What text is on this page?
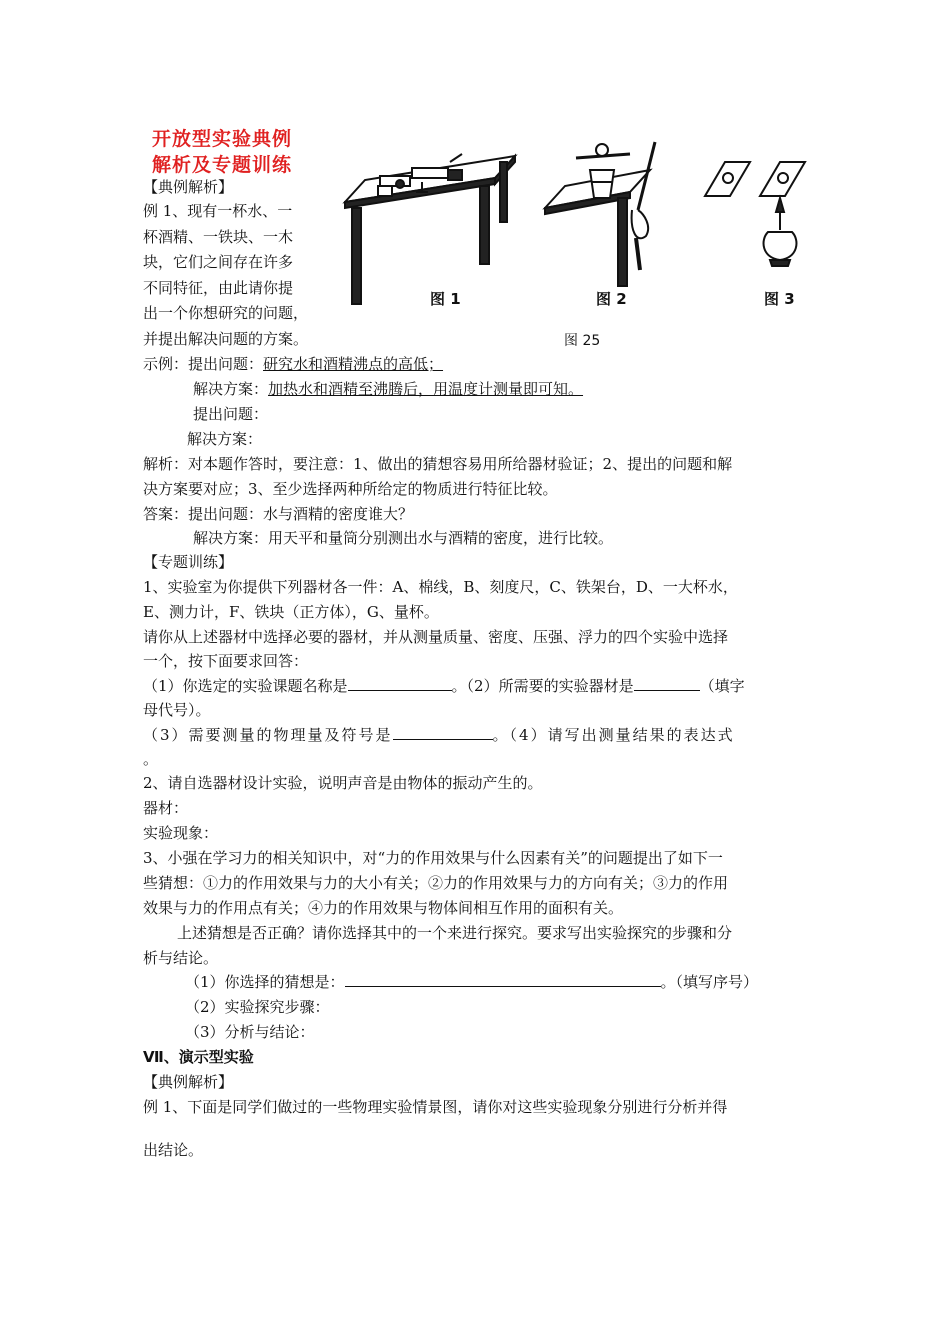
开放型实验典例
解析及专题训练
【典例解析】
例 1、现有一杯水、一
杯酒精、一铁块、一木
块，它们之间存在许多
不同特征，由此请你提
出一个你想研究的问题，
并提出解决问题的方案。
图 1	图 2	图 3
图 25
示例：提出问题：研究水和酒精沸点的高低；
解决方案：加热水和酒精至沸腾后，用温度计测量即可知。
提出问题：
解决方案：
解析：对本题作答时，要注意：1、做出的猜想容易用所给器材验证；2、提出的问题和解
决方案要对应；3、至少选择两种所给定的物质进行特征比较。
答案：提出问题：水与酒精的密度谁大？
解决方案：用天平和量筒分别测出水与酒精的密度，进行比较。
【专题训练】
1、实验室为你提供下列器材各一件：A、棉线，B、刻度尺，C、铁架台，D、一大杯水，
E、测力计，F、铁块（正方体），G、量杯。
请你从上述器材中选择必要的器材，并从测量质量、密度、压强、浮力的四个实验中选择
一个，按下面要求回答：
（1）你选定的实验课题名称是	。（2）所需要的实验器材是	（填字
母代号）。
（3）需要测量的物理量及符号是	。（4）请写出测量结果的表达式
。
2、请自选器材设计实验，说明声音是由物体的振动产生的。
器材：
实验现象：
3、小强在学习力的相关知识中，对“力的作用效果与什么因素有关”的问题提出了如下一
些猜想：①力的作用效果与力的大小有关；②力的作用效果与力的方向有关；③力的作用
效果与力的作用点有关；④力的作用效果与物体间相互作用的面积有关。
上述猜想是否正确？请你选择其中的一个来进行探究。要求写出实验探究的步骤和分
析与结论。
（1）你选择的猜想是：	。（填写序号）
（2）实验探究步骤：
（3）分析与结论：
Ⅶ、演示型实验
【典例解析】
例 1、下面是同学们做过的一些物理实验情景图，请你对这些实验现象分别进行分析并得
出结论。
